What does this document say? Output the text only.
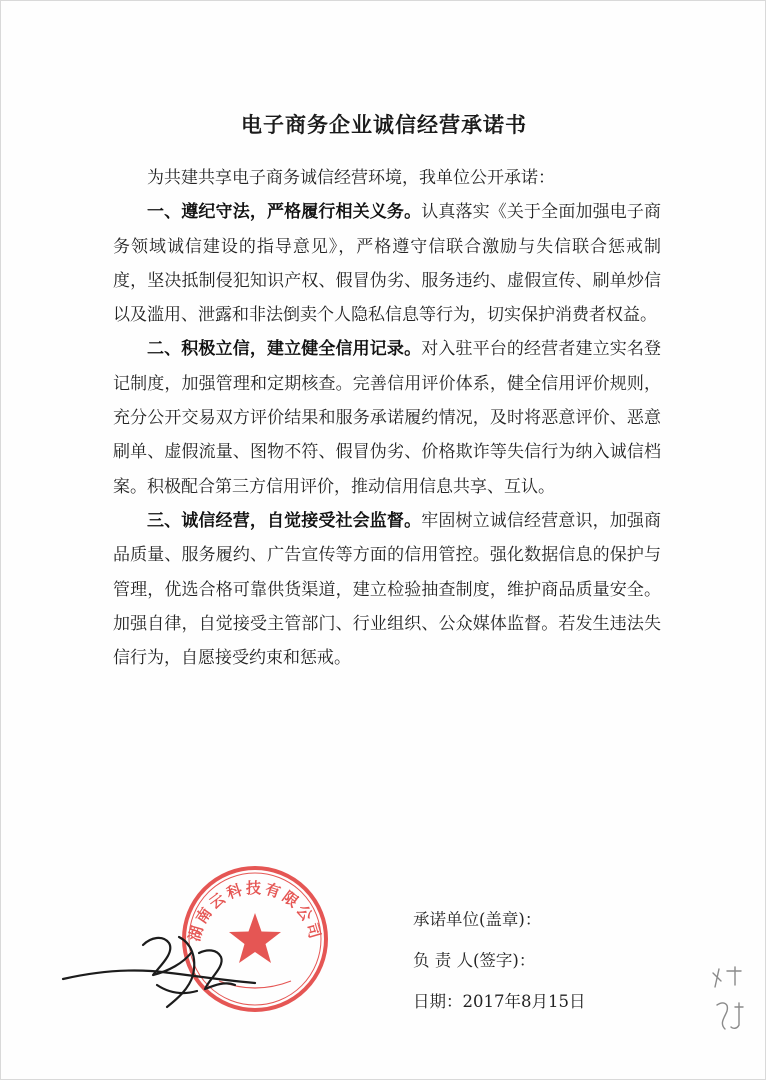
电子商务企业诚信经营承诺书

为共建共享电子商务诚信经营环境，我单位公开承诺：

一、遵纪守法，严格履行相关义务。认真落实《关于全面加强电子商务领域诚信建设的指导意见》，严格遵守信联合激励与失信联合惩戒制度，坚决抵制侵犯知识产权、假冒伪劣、服务违约、虚假宣传、刷单炒信以及滥用、泄露和非法倒卖个人隐私信息等行为，切实保护消费者权益。

二、积极立信，建立健全信用记录。对入驻平台的经营者建立实名登记制度，加强管理和定期核查。完善信用评价体系，健全信用评价规则，充分公开交易双方评价结果和服务承诺履约情况，及时将恶意评价、恶意刷单、虚假流量、图物不符、假冒伪劣、价格欺诈等失信行为纳入诚信档案。积极配合第三方信用评价，推动信用信息共享、互认。

三、诚信经营，自觉接受社会监督。牢固树立诚信经营意识，加强商品质量、服务履约、广告宣传等方面的信用管控。强化数据信息的保护与管理，优选合格可靠供货渠道，建立检验抽查制度，维护商品质量安全。加强自律，自觉接受主管部门、行业组织、公众媒体监督。若发生违法失信行为，自愿接受约束和惩戒。

湖南云科技有限公司
承诺单位(盖章)：
负 责 人(签字)：
日期：2017年8月15日
